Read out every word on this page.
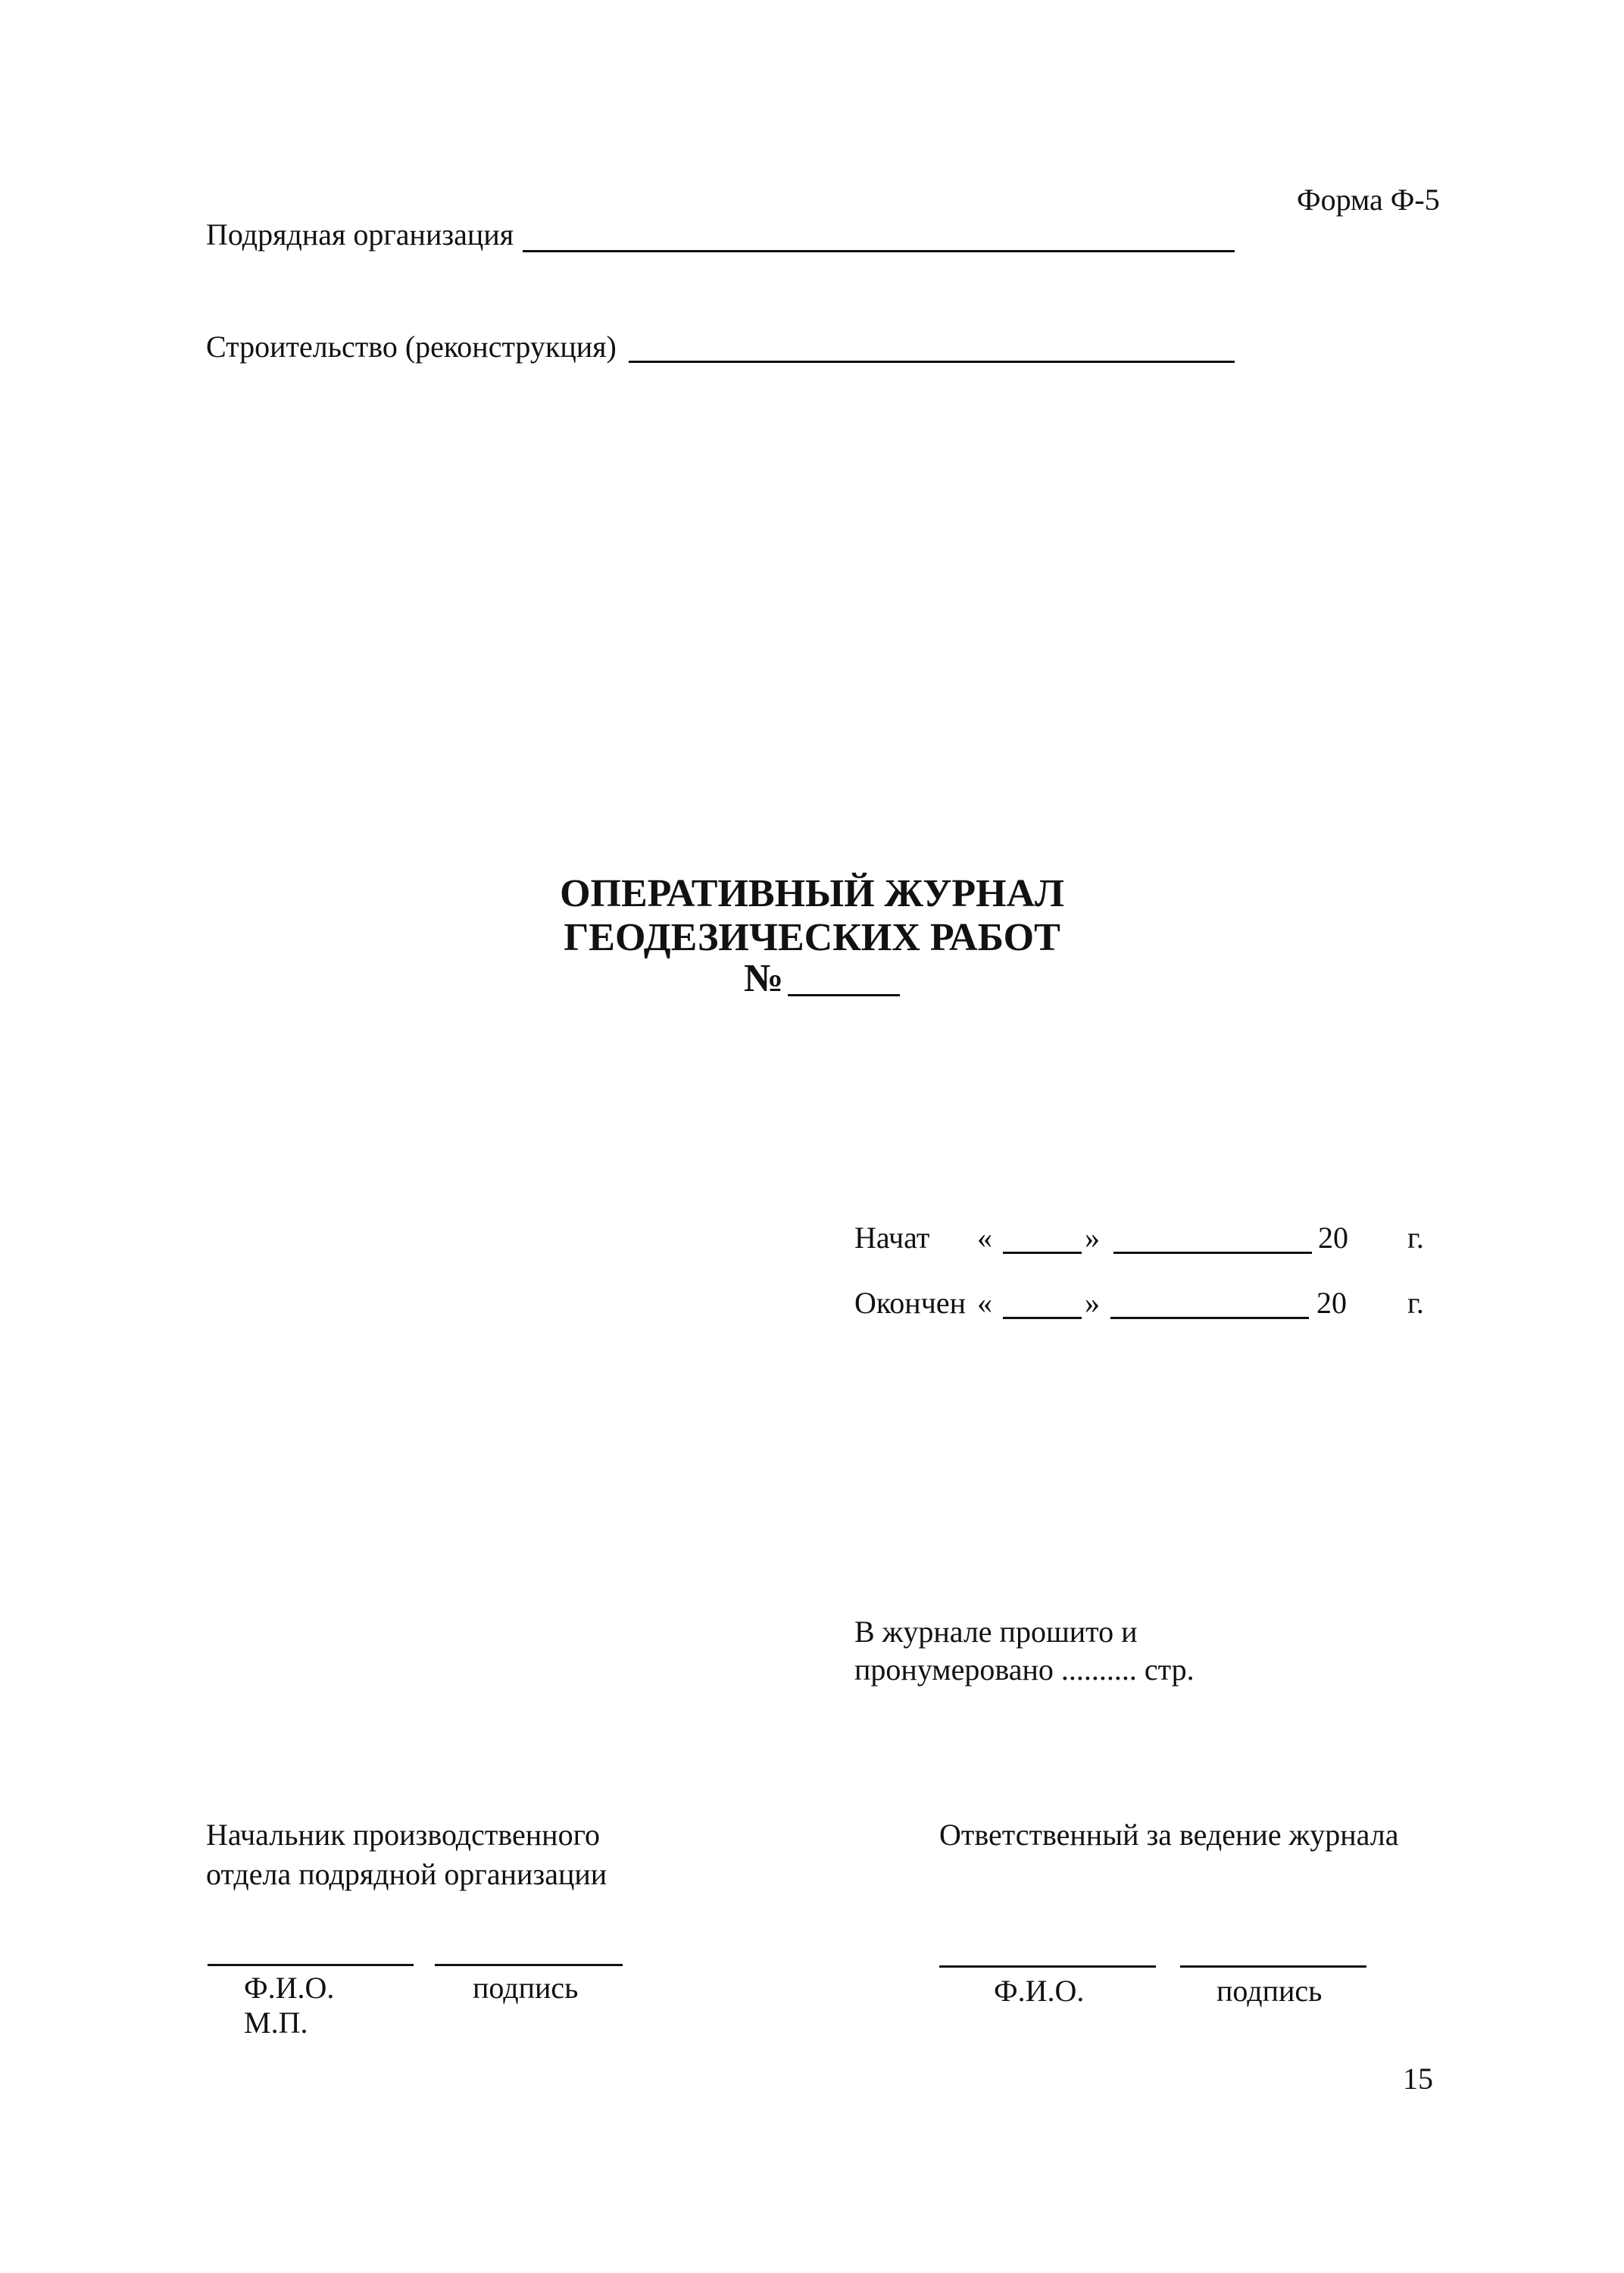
Форма Ф-5
Подрядная организация
Строительство (реконструкция)
ОПЕРАТИВНЫЙ ЖУРНАЛ
ГЕОДЕЗИЧЕСКИХ РАБОТ
№
Начат «	»	20 г.
Окончен «	»	20 г.
В журнале прошито и
пронумеровано .......... стр.
Начальник производственного
отдела подрядной организации
Ф.И.О.	подпись
М.П.
Ответственный за ведение журнала
Ф.И.О.	подпись
15
